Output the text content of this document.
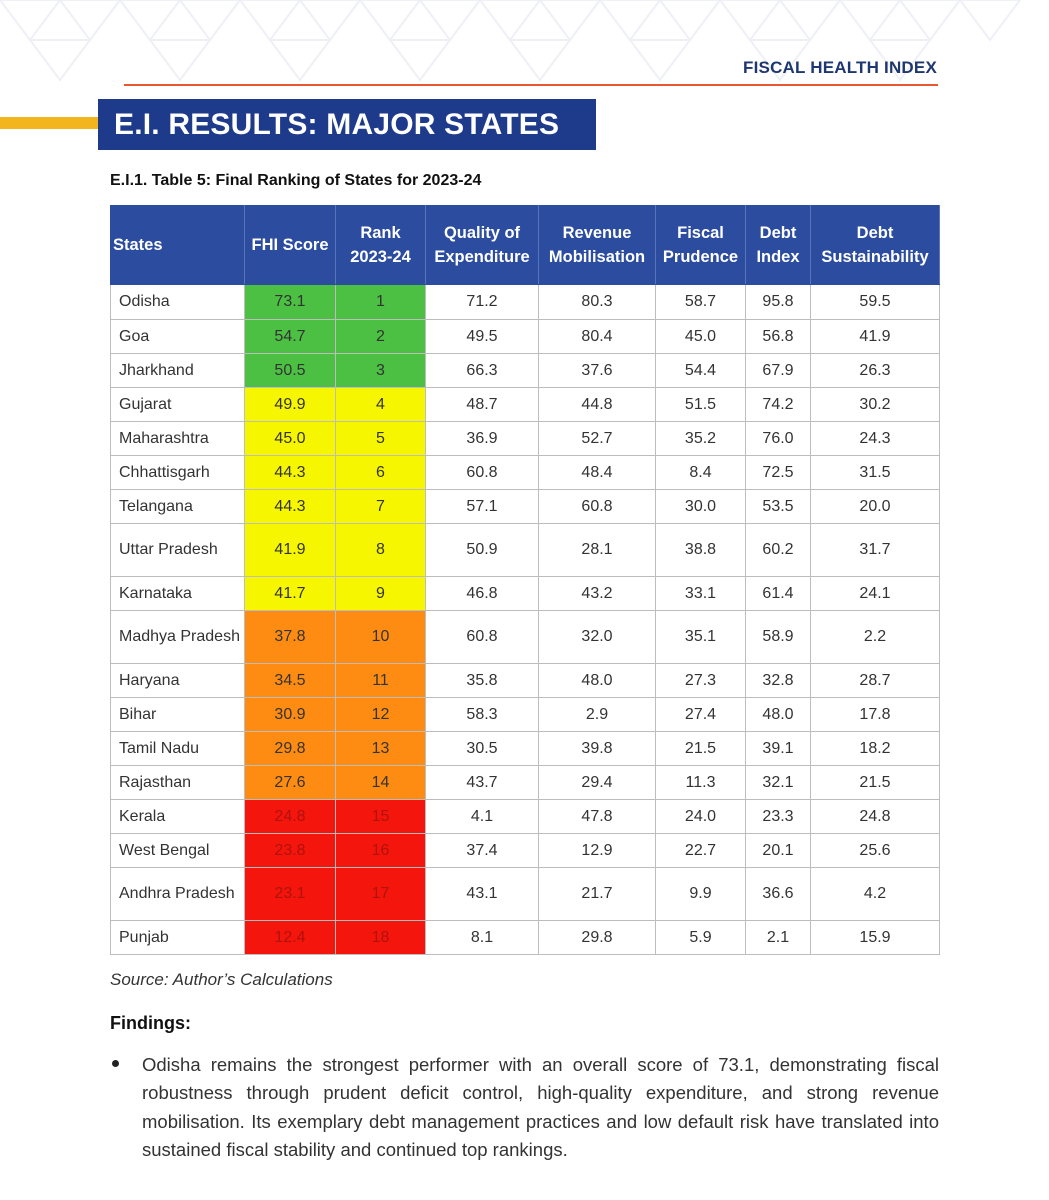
FISCAL HEALTH INDEX
E.I. RESULTS: MAJOR STATES
E.I.1. Table 5: Final Ranking of States for 2023-24
States	FHI Score	Rank 2023-24	Quality of Expenditure	Revenue Mobilisation	Fiscal Prudence	Debt Index	Debt Sustainability
Odisha	73.1	1	71.2	80.3	58.7	95.8	59.5
Goa	54.7	2	49.5	80.4	45.0	56.8	41.9
Jharkhand	50.5	3	66.3	37.6	54.4	67.9	26.3
Gujarat	49.9	4	48.7	44.8	51.5	74.2	30.2
Maharashtra	45.0	5	36.9	52.7	35.2	76.0	24.3
Chhattisgarh	44.3	6	60.8	48.4	8.4	72.5	31.5
Telangana	44.3	7	57.1	60.8	30.0	53.5	20.0
Uttar Pradesh	41.9	8	50.9	28.1	38.8	60.2	31.7
Karnataka	41.7	9	46.8	43.2	33.1	61.4	24.1
Madhya Pradesh	37.8	10	60.8	32.0	35.1	58.9	2.2
Haryana	34.5	11	35.8	48.0	27.3	32.8	28.7
Bihar	30.9	12	58.3	2.9	27.4	48.0	17.8
Tamil Nadu	29.8	13	30.5	39.8	21.5	39.1	18.2
Rajasthan	27.6	14	43.7	29.4	11.3	32.1	21.5
Kerala	24.8	15	4.1	47.8	24.0	23.3	24.8
West Bengal	23.8	16	37.4	12.9	22.7	20.1	25.6
Andhra Pradesh	23.1	17	43.1	21.7	9.9	36.6	4.2
Punjab	12.4	18	8.1	29.8	5.9	2.1	15.9
Source: Author’s Calculations
Findings:
Odisha remains the strongest performer with an overall score of 73.1, demonstrating fiscal robustness through prudent deficit control, high-quality expenditure, and strong revenue mobilisation. Its exemplary debt management practices and low default risk have translated into sustained fiscal stability and continued top rankings.
